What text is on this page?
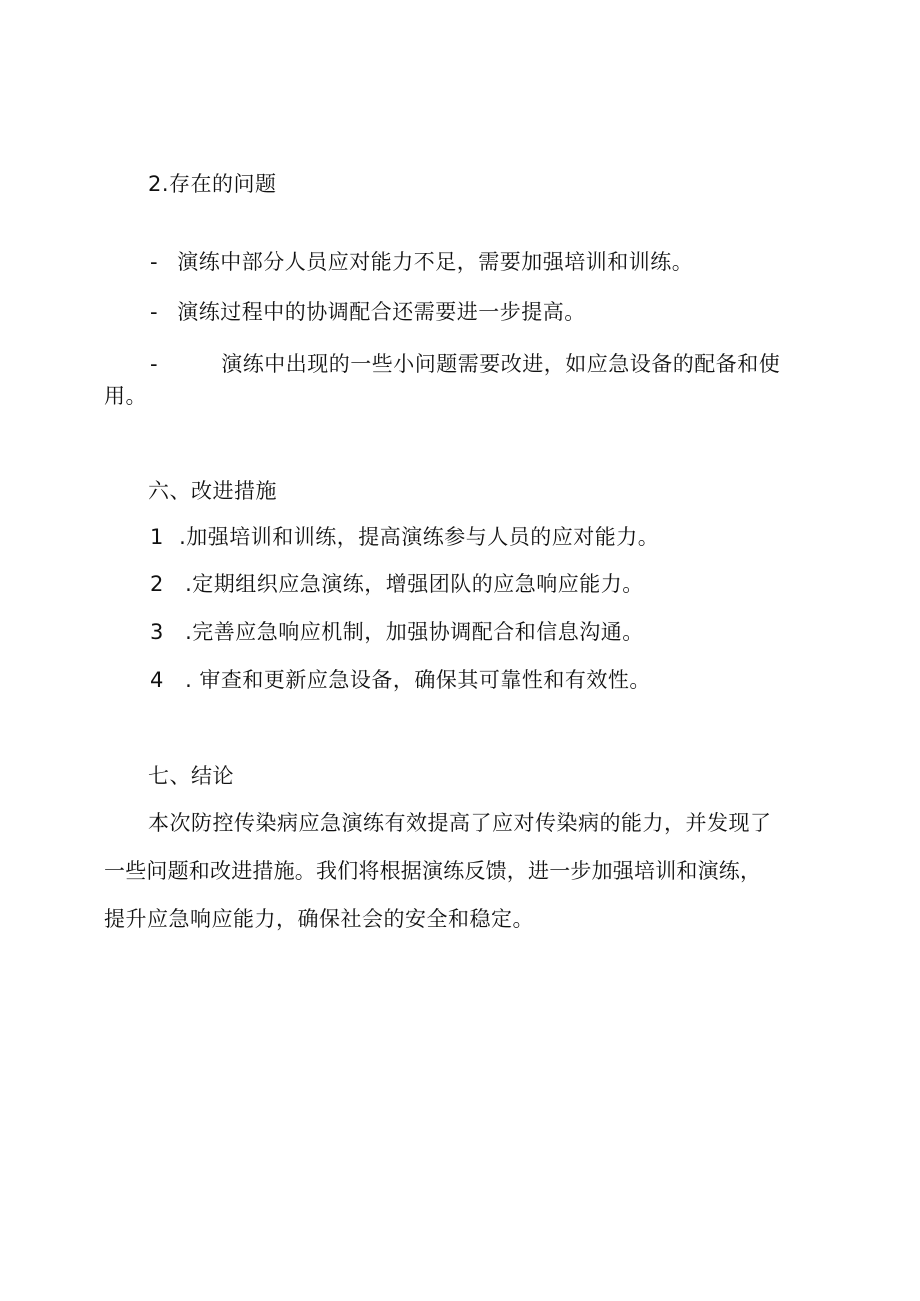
2.存在的问题
- 演练中部分人员应对能力不足，需要加强培训和训练。
- 演练过程中的协调配合还需要进一步提高。
-	演练中出现的一些小问题需要改进，如应急设备的配备和使
用。
六、改进措施
1 .加强培训和训练，提高演练参与人员的应对能力。
2 .定期组织应急演练，增强团队的应急响应能力。
3 .完善应急响应机制，加强协调配合和信息沟通。
4 . 审查和更新应急设备，确保其可靠性和有效性。
七、结论
本次防控传染病应急演练有效提高了应对传染病的能力，并发现了
一些问题和改进措施。我们将根据演练反馈，进一步加强培训和演练，
提升应急响应能力，确保社会的安全和稳定。
